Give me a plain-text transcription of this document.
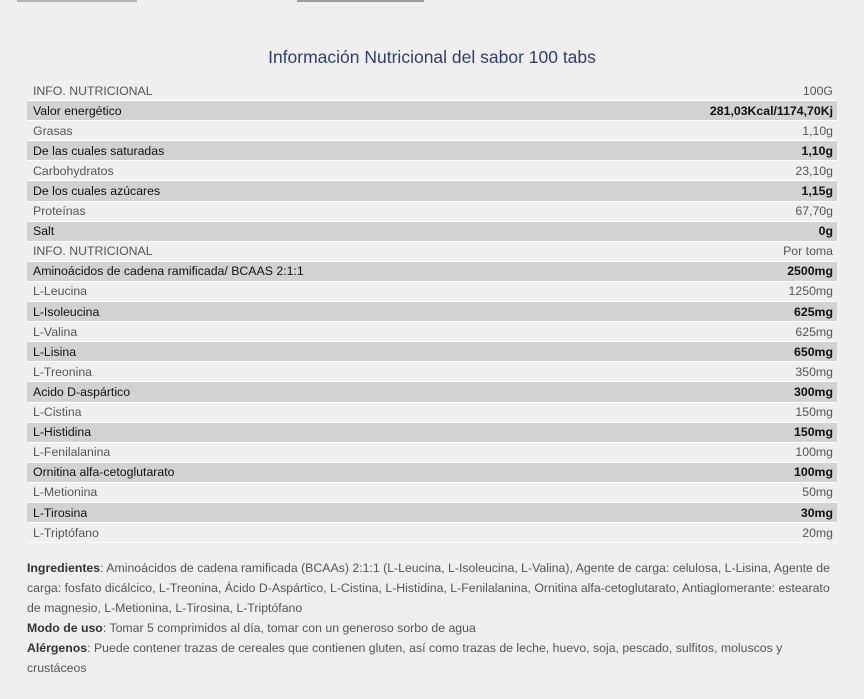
Información Nutricional del sabor 100 tabs
INFO. NUTRICIONAL	100G
Valor energético	281,03Kcal/1174,70Kj
Grasas	1,10g
De las cuales saturadas	1,10g
Carbohydratos	23,10g
De los cuales azúcares	1,15g
Proteínas	67,70g
Salt	0g
INFO. NUTRICIONAL	Por toma
Aminoácidos de cadena ramificada/ BCAAS 2:1:1	2500mg
L-Leucina	1250mg
L-Isoleucina	625mg
L-Valina	625mg
L-Lisina	650mg
L-Treonina	350mg
Acido D-aspártico	300mg
L-Cistina	150mg
L-Histidina	150mg
L-Fenilalanina	100mg
Ornitina alfa-cetoglutarato	100mg
L-Metionina	50mg
L-Tirosina	30mg
L-Triptófano	20mg

Ingredientes: Aminoácidos de cadena ramificada (BCAAs) 2:1:1 (L-Leucina, L-Isoleucina, L-Valina), Agente de carga: celulosa, L-Lisina, Agente de carga: fosfato dicálcico, L-Treonina, Ácido D-Aspártico, L-Cistina, L-Histidina, L-Fenilalanina, Ornitina alfa-cetoglutarato, Antiaglomerante: estearato de magnesio, L-Metionina, L-Tirosina, L-Triptófano

Modo de uso: Tomar 5 comprimidos al día, tomar con un generoso sorbo de agua

Alérgenos: Puede contener trazas de cereales que contienen gluten, así como trazas de leche, huevo, soja, pescado, sulfitos, moluscos y crustáceos
